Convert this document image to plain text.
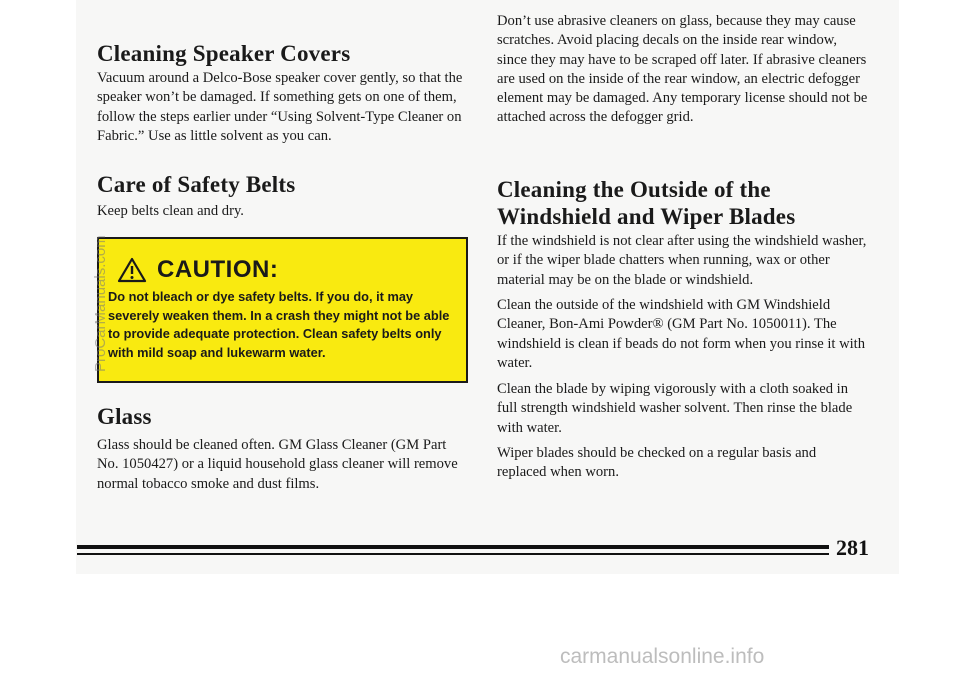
Cleaning Speaker Covers

Vacuum around a Delco-Bose speaker cover gently, so that the speaker won’t be damaged. If something gets on one of them, follow the steps earlier under “Using Solvent-Type Cleaner on Fabric.” Use as little solvent as you can.

Care of Safety Belts

Keep belts clean and dry.

Glass

Glass should be cleaned often. GM Glass Cleaner (GM Part No. 1050427) or a liquid household glass cleaner will remove normal tobacco smoke and dust films.

CAUTION:
Do not bleach or dye safety belts. If you do, it may severely weaken them. In a crash they might not be able to provide adequate protection. Clean safety belts only with mild soap and lukewarm water.

Don’t use abrasive cleaners on glass, because they may cause scratches. Avoid placing decals on the inside rear window, since they may have to be scraped off later. If abrasive cleaners are used on the inside of the rear window, an electric defogger element may be damaged. Any temporary license should not be attached across the defogger grid.

Cleaning the Outside of the Windshield and Wiper Blades

If the windshield is not clear after using the windshield washer, or if the wiper blade chatters when running, wax or other material may be on the blade or windshield.

Clean the outside of the windshield with GM Windshield Cleaner, Bon-Ami Powder® (GM Part No. 1050011). The windshield is clean if beads do not form when you rinse it with water.

Clean the blade by wiping vigorously with a cloth soaked in full strength windshield washer solvent. Then rinse the blade with water.

Wiper blades should be checked on a regular basis and replaced when worn.

281
ProCarManuals.com
carmanualsonline.info
